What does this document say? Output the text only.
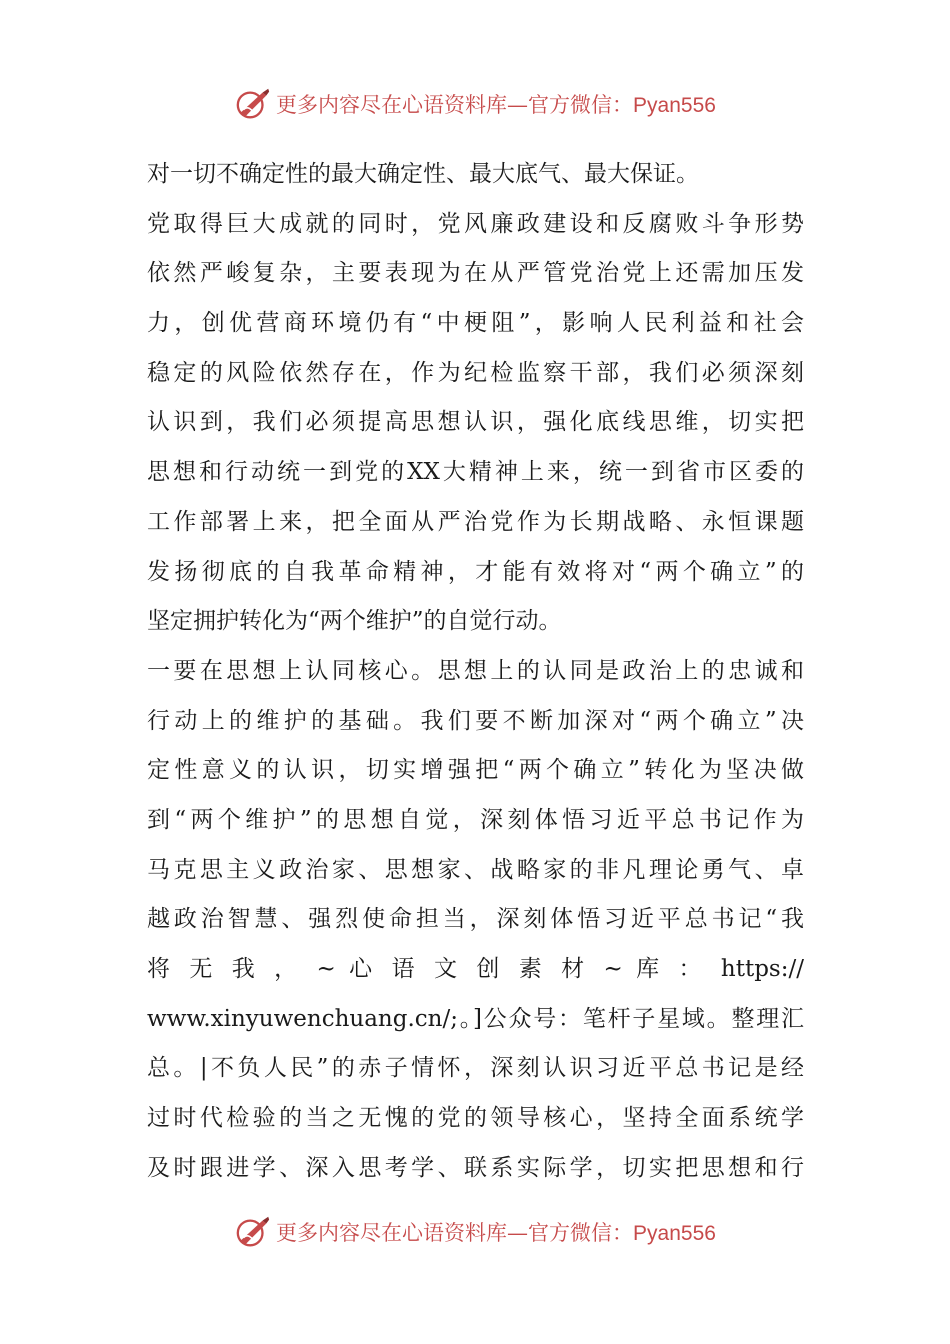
更多内容尽在心语资料库—官方微信：Pyan556
对一切不确定性的最大确定性、最大底气、最大保证。
党取得巨大成就的同时，党风廉政建设和反腐败斗争形势
依然严峻复杂，主要表现为在从严管党治党上还需加压发
力，创优营商环境仍有“中梗阻”，影响人民利益和社会
稳定的风险依然存在，作为纪检监察干部，我们必须深刻
认识到，我们必须提高思想认识，强化底线思维，切实把
思想和行动统一到党的XX大精神上来，统一到省市区委的
工作部署上来，把全面从严治党作为长期战略、永恒课题
发扬彻底的自我革命精神，才能有效将对“两个确立”的
坚定拥护转化为“两个维护”的自觉行动。
一要在思想上认同核心。思想上的认同是政治上的忠诚和
行动上的维护的基础。我们要不断加深对“两个确立”决
定性意义的认识，切实增强把“两个确立”转化为坚决做
到“两个维护”的思想自觉，深刻体悟习近平总书记作为
马克思主义政治家、思想家、战略家的非凡理论勇气、卓
越政治智慧、强烈使命担当，深刻体悟习近平总书记“我
将 无 我 ， ~ 心 语 文 创 素 材 ~ 库 ： https://
www.xinyuwenchuang.cn/;。]公众号：笔杆子星域。整理汇
总。|不负人民”的赤子情怀，深刻认识习近平总书记是经
过时代检验的当之无愧的党的领导核心，坚持全面系统学
及时跟进学、深入思考学、联系实际学，切实把思想和行
更多内容尽在心语资料库—官方微信：Pyan556
